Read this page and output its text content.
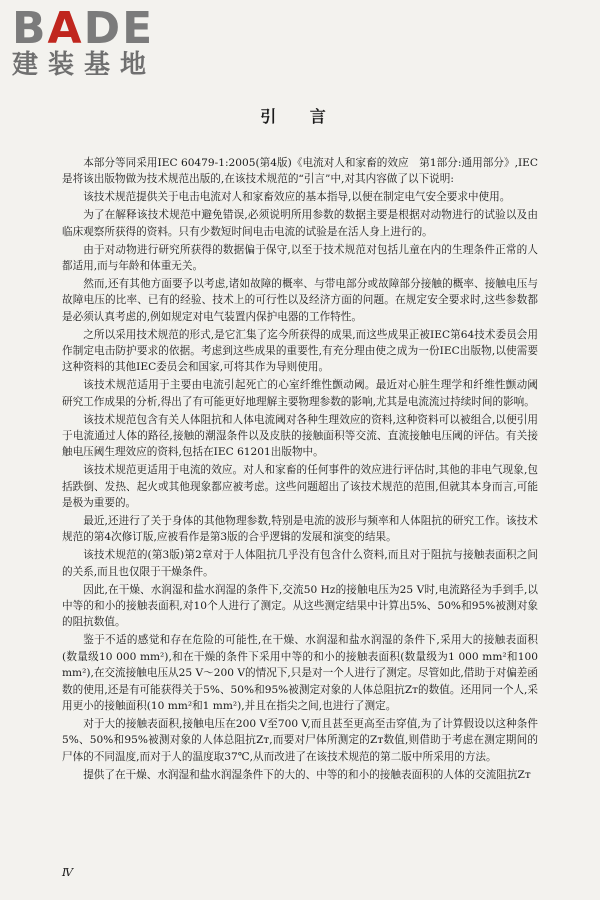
BADE
建装基地
引 言

本部分等同采用IEC 60479-1:2005(第4版)《电流对人和家畜的效应　第1部分:通用部分》,IEC是将该出版物做为技术规范出版的,在该技术规范的“引言”中,对其内容做了以下说明:

该技术规范提供关于电击电流对人和家畜效应的基本指导,以便在制定电气安全要求中使用。

为了在解释该技术规范中避免错误,必须说明所用参数的数据主要是根据对动物进行的试验以及由临床观察所获得的资料。只有少数短时间电击电流的试验是在活人身上进行的。

由于对动物进行研究所获得的数据偏于保守,以至于技术规范对包括儿童在内的生理条件正常的人都适用,而与年龄和体重无关。

然而,还有其他方面要予以考虑,诸如故障的概率、与带电部分或故障部分接触的概率、接触电压与故障电压的比率、已有的经验、技术上的可行性以及经济方面的问题。在规定安全要求时,这些参数都是必须认真考虑的,例如规定对电气装置内保护电器的工作特性。

之所以采用技术规范的形式,是它汇集了迄今所获得的成果,而这些成果正被IEC第64技术委员会用作制定电击防护要求的依据。考虑到这些成果的重要性,有充分理由使之成为一份IEC出版物,以使需要这种资料的其他IEC委员会和国家,可将其作为导则使用。

该技术规范适用于主要由电流引起死亡的心室纤维性颤动阈。最近对心脏生理学和纤维性颤动阈研究工作成果的分析,得出了有可能更好地理解主要物理参数的影响,尤其是电流流过持续时间的影响。

该技术规范包含有关人体阻抗和人体电流阈对各种生理效应的资料,这种资料可以被组合,以便引用于电流通过人体的路径,接触的潮湿条件以及皮肤的接触面积等交流、直流接触电压阈的评估。有关接触电压阈生理效应的资料,包括在IEC 61201出版物中。

该技术规范更适用于电流的效应。对人和家畜的任何事件的效应进行评估时,其他的非电气现象,包括跌倒、发热、起火或其他现象都应被考虑。这些问题超出了该技术规范的范围,但就其本身而言,可能是极为重要的。

最近,还进行了关于身体的其他物理参数,特别是电流的波形与频率和人体阻抗的研究工作。该技术规范的第4次修订版,应被看作是第3版的合乎逻辑的发展和演变的结果。

该技术规范的(第3版)第2章对于人体阻抗几乎没有包含什么资料,而且对于阻抗与接触表面积之间的关系,而且也仅限于干燥条件。

因此,在干燥、水润湿和盐水润湿的条件下,交流50 Hz的接触电压为25 V时,电流路径为手到手,以中等的和小的接触表面积,对10个人进行了测定。从这些测定结果中计算出5%、50%和95%被测对象的阻抗数值。

鉴于不适的感觉和存在危险的可能性,在干燥、水润湿和盐水润湿的条件下,采用大的接触表面积(数量级10 000 mm²),和在干燥的条件下采用中等的和小的接触表面积(数量级为1 000 mm²和100 mm²),在交流接触电压从25 V～200 V的情况下,只是对一个人进行了测定。尽管如此,借助于对偏差函数的使用,还是有可能获得关于5%、50%和95%被测定对象的人体总阻抗Zᴛ的数值。还用同一个人,采用更小的接触面积(10 mm²和1 mm²),并且在指尖之间,也进行了测定。

对于大的接触表面积,接触电压在200 V至700 V,而且甚至更高至击穿值,为了计算假设以这种条件5%、50%和95%被测对象的人体总阻抗Zᴛ,而要对尸体所测定的Zᴛ数值,则借助于考虑在测定期间的尸体的不同温度,而对于人的温度取37℃,从而改进了在该技术规范的第二版中所采用的方法。

提供了在干燥、水润湿和盐水润湿条件下的大的、中等的和小的接触表面积的人体的交流阻抗Zᴛ

Ⅳ
